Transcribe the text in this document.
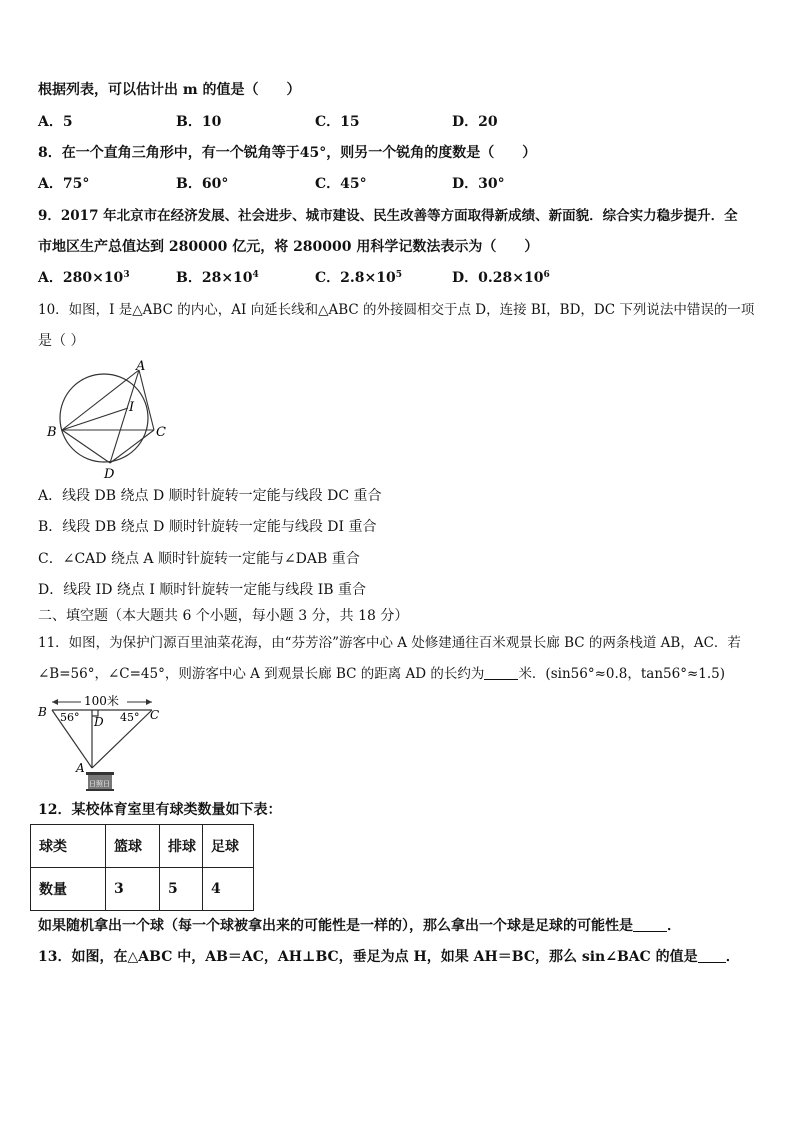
根据列表，可以估计出 m 的值是（　　）
A．5	B．10	C．15	D．20
8．在一个直角三角形中，有一个锐角等于45°，则另一个锐角的度数是（　　）
A．75°	B．60°	C．45°	D．30°
9．2017 年北京市在经济发展、社会进步、城市建设、民生改善等方面取得新成绩、新面貌．综合实力稳步提升．全
市地区生产总值达到 280000 亿元，将 280000 用科学记数法表示为（　　）
A．$280\times 10^3$	B．$28\times 10^4$	C．$2.8\times 10^5$	D．$0.28\times 10^6$
10．如图，I 是△ABC 的内心，AI 向延长线和△ABC 的外接圆相交于点 D，连接 BI，BD，DC 下列说法中错误的一项
是（ ）
A
B	C
D
I
A．线段 DB 绕点 D 顺时针旋转一定能与线段 DC 重合
B．线段 DB 绕点 D 顺时针旋转一定能与线段 DI 重合
C．∠CAD 绕点 A 顺时针旋转一定能与∠DAB 重合
D．线段 ID 绕点 I 顺时针旋转一定能与线段 IB 重合
二、填空题（本大题共 6 个小题，每小题 3 分，共 18 分）
11．如图，为保护门源百里油菜花海，由“芬芳浴”游客中心 A 处修建通往百米观景长廊 BC 的两条栈道 AB，AC．若
∠B=56°，∠C=45°，则游客中心 A 到观景长廊 BC 的距离 AD 的长约为	米．(sin56°≈0.8，tan56°≈1.5)
100米
B	C
D
A
56°	45°
日照日
12．某校体育室里有球类数量如下表：
球类	篮球	排球	足球
数量	3	5	4
如果随机拿出一个球（每一个球被拿出来的可能性是一样的），那么拿出一个球是足球的可能性是 ．
13．如图，在△ABC 中，AB＝AC，AH⊥BC，垂足为点 H，如果 AH＝BC，那么 sin∠BAC 的值是 ．
